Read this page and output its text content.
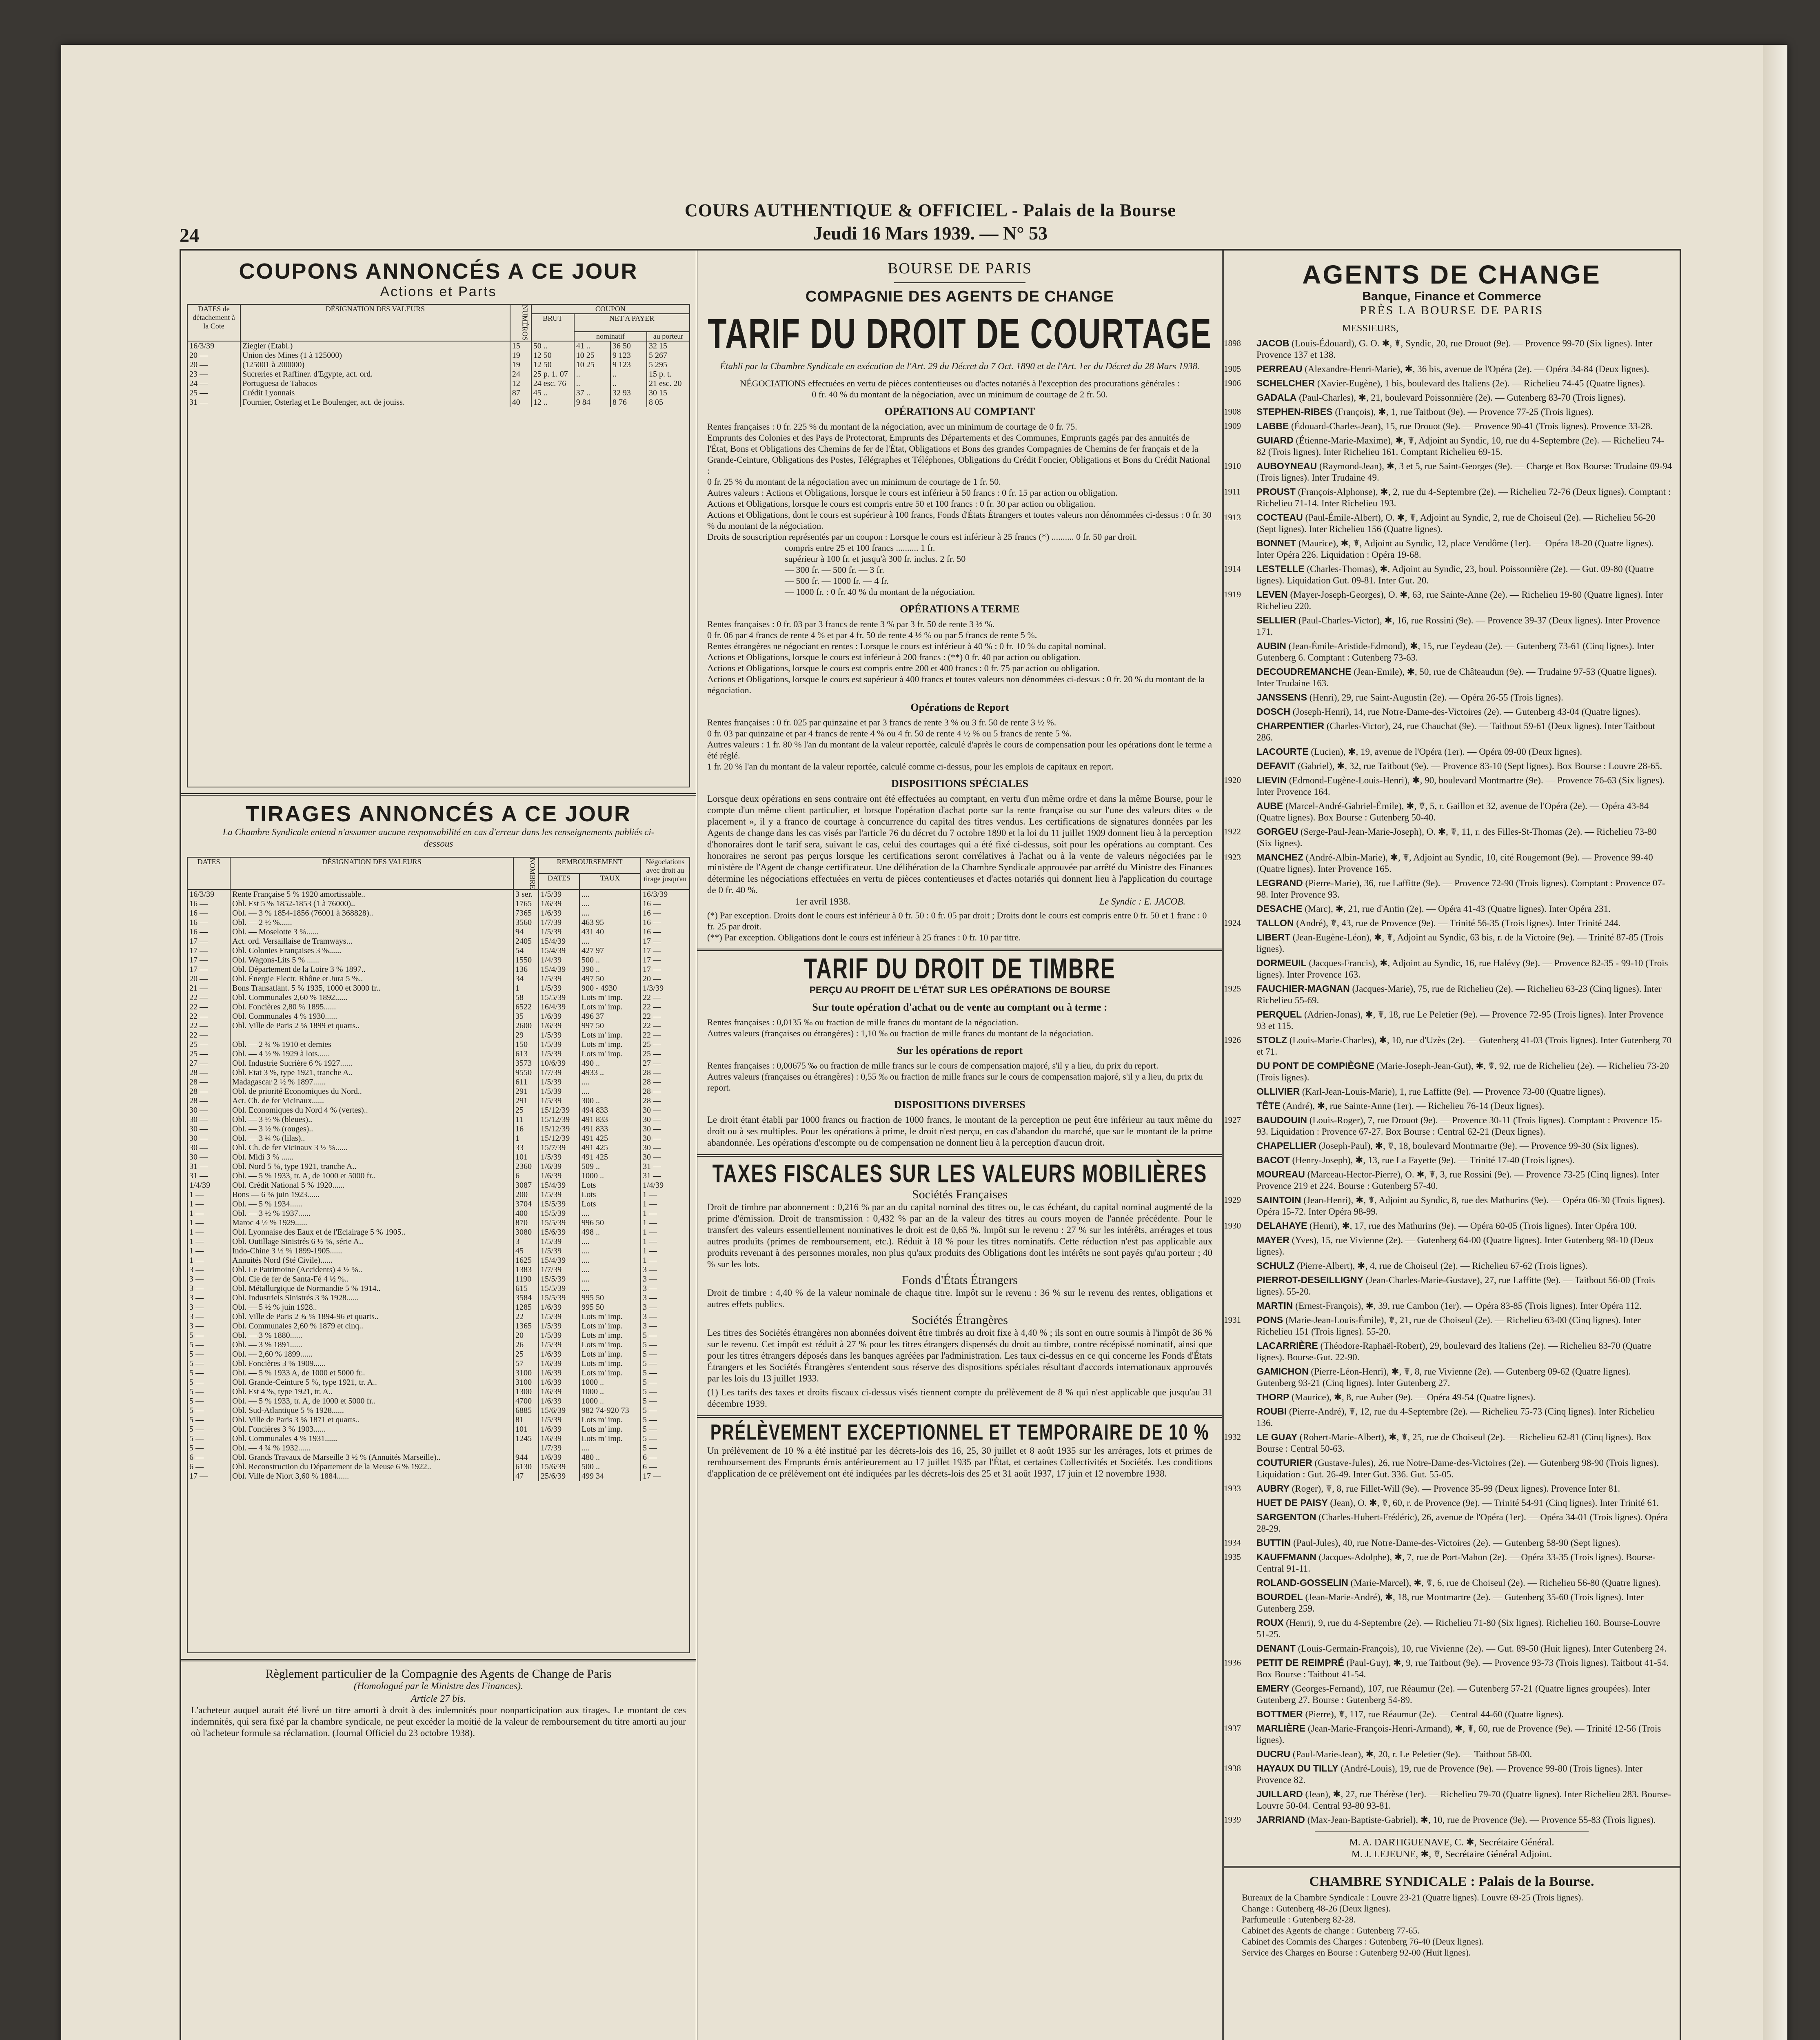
24
COURS AUTHENTIQUE & OFFICIEL - Palais de la Bourse
Jeudi 16 Mars 1939. — N° 53
COUPONS ANNONCÉS A CE JOUR
Actions et Parts
DATES de détachement à la Cote	DÉSIGNATION DES VALEURS	NUMÉROS	COUPON			
			BRUT	NET A PAYER		
				nominatif		au porteur
16/3/39	Ziegler (Etabl.)	15	50 ..	41 ..	36 50	32 15
20 —	Union des Mines (1 à 125000)	19	12 50	10 25	9 123	5 267
20 —	(125001 à 200000)	19	12 50	10 25	9 123	5 295
23 —	Sucreries et Raffiner. d'Egypte, act. ord.	24	25 p. 1. 07	..	..	15 p. t.
24 —	Portuguesa de Tabacos	12	24 esc. 76	..	..	21 esc. 20
25 —	Crédit Lyonnais	87	45 ..	37 ..	32 93	30 15
31 —	Fournier, Osterlag et Le Boulenger, act. de jouiss.	40	12 ..	9 84	8 76	8 05
TIRAGES ANNONCÉS A CE JOUR
La Chambre Syndicale entend n'assumer aucune responsabilité en cas d'erreur dans les renseignements publiés ci-dessous
DATES	DÉSIGNATION DES VALEURS	NOMBRE	REMBOURSEMENT		Négociations avec droit au tirage jusqu'au
			DATES	TAUX	
16/3/39	Rente Française 5 % 1920 amortissable..	3 ser.	1/5/39	....	16/3/39
16 —	Obl. Est 5 % 1852-1853 (1 à 76000)..	1765	1/6/39	....	16 —
16 —	Obl. — 3 % 1854-1856 (76001 à 368828)..	7365	1/6/39	....	16 —
16 —	Obl. — 2 ½ %......	3560	1/7/39	463 95	16 —
16 —	Obl. — Moselotte 3 %......	94	1/5/39	431 40	16 —
17 —	Act. ord. Versaillaise de Tramways...	2405	15/4/39	....	17 —
17 —	Obl. Colonies Françaises 3 %......	54	15/4/39	427 97	17 —
17 —	Obl. Wagons-Lits 5 % ......	1550	1/4/39	500 ..	17 —
17 —	Obl. Département de la Loire 3 % 1897..	136	15/4/39	390 ..	17 —
20 —	Obl. Énergie Electr. Rhône et Jura 5 %..	34	1/5/39	497 50	20 —
21 —	Bons Transatlant. 5 % 1935, 1000 et 3000 fr..	1	1/5/39	900 - 4930	1/3/39
22 —	Obl. Communales 2,60 % 1892......	58	15/5/39	Lots m' imp.	22 —
22 —	Obl. Foncières 2,80 % 1895......	6522	16/4/39	Lots m' imp.	22 —
22 —	Obl. Communales 4 % 1930......	35	1/6/39	496 37	22 —
22 —	Obl. Ville de Paris 2 % 1899 et quarts..	2600	1/6/39	997 50	22 —
22 —		29	1/5/39	Lots m' imp.	22 —
25 —	Obl. — 2 ¾ % 1910 et demies	150	1/5/39	Lots m' imp.	25 —
25 —	Obl. — 4 ½ % 1929 à lots......	613	1/5/39	Lots m' imp.	25 —
27 —	Obl. Industrie Sucrière 6 % 1927......	3573	10/6/39	490 ..	27 —
28 —	Obl. Etat 3 %, type 1921, tranche A..	9550	1/7/39	4933 ..	28 —
28 —	Madagascar 2 ½ % 1897......	611	1/5/39	....	28 —
28 —	Obl. de priorité Economiques du Nord..	291	1/5/39	....	28 —
28 —	Act. Ch. de fer Vicinaux......	291	1/5/39	300 ..	28 —
30 —	Obl. Economiques du Nord 4 % (vertes)..	25	15/12/39	494 833	30 —
30 —	Obl. — 3 ½ % (bleues)..	11	15/12/39	491 833	30 —
30 —	Obl. — 3 ½ % (rouges)..	16	15/12/39	491 833	30 —
30 —	Obl. — 3 ¼ % (lilas)..	1	15/12/39	491 425	30 —
30 —	Obl. Ch. de fer Vicinaux 3 ½ %......	33	15/7/39	491 425	30 —
30 —	Obl. Midi 3 % ......	101	1/5/39	491 425	30 —
31 —	Obl. Nord 5 %, type 1921, tranche A..	2360	1/6/39	509 ..	31 —
31 —	Obl. — 5 % 1933, tr. A, de 1000 et 5000 fr..	6	1/6/39	1000 ..	31 —
1/4/39	Obl. Crédit National 5 % 1920......	3087	15/4/39	Lots	1/4/39
1 —	Bons — 6 % juin 1923......	200	1/5/39	Lots	1 —
1 —	Obl. — 5 % 1934......	3704	15/5/39	Lots	1 —
1 —	Obl. — 3 ½ % 1937......	400	15/5/39	....	1 —
1 —	Maroc 4 ½ % 1929......	870	15/5/39	996 50	1 —
1 —	Obl. Lyonnaise des Eaux et de l'Eclairage 5 % 1905..	3080	15/6/39	498 ..	1 —
1 —	Obl. Outillage Sinistrés 6 ½ %, série A..	3	1/5/39	....	1 —
1 —	Indo-Chine 3 ½ % 1899-1905......	45	1/5/39	....	1 —
1 —	Annuités Nord (Sté Civile)......	1625	15/4/39	....	1 —
3 —	Obl. Le Patrimoine (Accidents) 4 ½ %..	1383	1/7/39	....	3 —
3 —	Obl. Cie de fer de Santa-Fé 4 ½ %..	1190	15/5/39	....	3 —
3 —	Obl. Métallurgique de Normandie 5 % 1914..	615	15/5/39	....	3 —
3 —	Obl. Industriels Sinistrés 3 % 1928......	3584	15/5/39	995 50	3 —
3 —	Obl. — 5 ½ % juin 1928..	1285	1/6/39	995 50	3 —
3 —	Obl. Ville de Paris 2 ¾ % 1894-96 et quarts..	22	1/5/39	Lots m' imp.	3 —
3 —	Obl. Communales 2,60 % 1879 et cinq..	1365	1/5/39	Lots m' imp.	3 —
5 —	Obl. — 3 % 1880......	20	1/5/39	Lots m' imp.	5 —
5 —	Obl. — 3 % 1891......	26	1/5/39	Lots m' imp.	5 —
5 —	Obl. — 2,60 % 1899......	25	1/6/39	Lots m' imp.	5 —
5 —	Obl. Foncières 3 % 1909......	57	1/6/39	Lots m' imp.	5 —
5 —	Obl. — 5 % 1933 A, de 1000 et 5000 fr..	3100	1/6/39	Lots m' imp.	5 —
5 —	Obl. Grande-Ceinture 5 %, type 1921, tr. A..	3100	1/6/39	1000 ..	5 —
5 —	Obl. Est 4 %, type 1921, tr. A..	1300	1/6/39	1000 ..	5 —
5 —	Obl. — 5 % 1933, tr. A, de 1000 et 5000 fr..	4700	1/6/39	1000 ..	5 —
5 —	Obl. Sud-Atlantique 5 % 1928......	6885	15/6/39	982 74-920 73	5 —
5 —	Obl. Ville de Paris 3 % 1871 et quarts..	81	1/5/39	Lots m' imp.	5 —
5 —	Obl. Foncières 3 % 1903......	101	1/6/39	Lots m' imp.	5 —
5 —	Obl. Communales 4 % 1931......	1245	1/6/39	Lots m' imp.	5 —
5 —	Obl. — 4 ¾ % 1932......		1/7/39	....	5 —
6 —	Obl. Grands Travaux de Marseille 3 ½ % (Annuités Marseille)..	944	1/6/39	480 ..	6 —
6 —	Obl. Reconstruction du Département de la Meuse 6 % 1922..	6130	15/6/39	500 ..	6 —
17 —	Obl. Ville de Niort 3,60 % 1884......	47	25/6/39	499 34	17 —
Règlement particulier de la Compagnie des Agents de Change de Paris
(Homologué par le Ministre des Finances).
Article 27 bis.
L'acheteur auquel aurait été livré un titre amorti à droit à des indemnités pour nonparticipation aux tirages. Le montant de ces indemnités, qui sera fixé par la chambre syndicale, ne peut excéder la moitié de la valeur de remboursement du titre amorti au jour où l'acheteur formule sa réclamation. (Journal Officiel du 23 octobre 1938).
BOURSE DE PARIS
COMPAGNIE DES AGENTS DE CHANGE
TARIF DU DROIT DE COURTAGE
Établi par la Chambre Syndicale en exécution de l'Art. 29 du Décret du 7 Oct. 1890 et de l'Art. 1er du Décret du 28 Mars 1938.
NÉGOCIATIONS effectuées en vertu de pièces contentieuses ou d'actes notariés à l'exception des procurations générales :
0 fr. 40 % du montant de la négociation, avec un minimum de courtage de 2 fr. 50.
OPÉRATIONS AU COMPTANT
Rentes françaises : 0 fr. 225 % du montant de la négociation, avec un minimum de courtage de 0 fr. 75.
Emprunts des Colonies et des Pays de Protectorat, Emprunts des Départements et des Communes, Emprunts gagés par des annuités de l'État, Bons et Obligations des Chemins de fer de l'État, Obligations et Bons des grandes Compagnies de Chemins de fer français et de la Grande-Ceinture, Obligations des Postes, Télégraphes et Téléphones, Obligations du Crédit Foncier, Obligations et Bons du Crédit National :
0 fr. 25 % du montant de la négociation avec un minimum de courtage de 1 fr. 50.
Autres valeurs : Actions et Obligations, lorsque le cours est inférieur à 50 francs : 0 fr. 15 par action ou obligation.
Actions et Obligations, lorsque le cours est compris entre 50 et 100 francs : 0 fr. 30 par action ou obligation.
Actions et Obligations, dont le cours est supérieur à 100 francs, Fonds d'États Étrangers et toutes valeurs non dénommées ci-dessus : 0 fr. 30 % du montant de la négociation.
Droits de souscription représentés par un coupon : Lorsque le cours est inférieur à 25 francs (*) .......... 0 fr. 50 par droit.
compris entre 25 et 100 francs .......... 1 fr.
supérieur à 100 fr. et jusqu'à 300 fr. inclus. 2 fr. 50
— 300 fr. — 500 fr. — 3 fr.
— 500 fr. — 1000 fr. — 4 fr.
— 1000 fr. : 0 fr. 40 % du montant de la négociation.
OPÉRATIONS A TERME
Rentes françaises : 0 fr. 03 par 3 francs de rente 3 % par 3 fr. 50 de rente 3 ½ %.
0 fr. 06 par 4 francs de rente 4 % et par 4 fr. 50 de rente 4 ½ % ou par 5 francs de rente 5 %.
Rentes étrangères ne négociant en rentes : Lorsque le cours est inférieur à 40 % : 0 fr. 10 % du capital nominal.
Actions et Obligations, lorsque le cours est inférieur à 200 francs : (**) 0 fr. 40 par action ou obligation.
Actions et Obligations, lorsque le cours est compris entre 200 et 400 francs : 0 fr. 75 par action ou obligation.
Actions et Obligations, lorsque le cours est supérieur à 400 francs et toutes valeurs non dénommées ci-dessus : 0 fr. 20 % du montant de la négociation.
Opérations de Report
Rentes françaises : 0 fr. 025 par quinzaine et par 3 francs de rente 3 % ou 3 fr. 50 de rente 3 ½ %.
0 fr. 03 par quinzaine et par 4 francs de rente 4 % ou 4 fr. 50 de rente 4 ½ % ou 5 francs de rente 5 %.
Autres valeurs : 1 fr. 80 % l'an du montant de la valeur reportée, calculé d'après le cours de compensation pour les opérations dont le terme a été réglé.
1 fr. 20 % l'an du montant de la valeur reportée, calculé comme ci-dessus, pour les emplois de capitaux en report.
DISPOSITIONS SPÉCIALES
Lorsque deux opérations en sens contraire ont été effectuées au comptant, en vertu d'un même ordre et dans la même Bourse, pour le compte d'un même client particulier, et lorsque l'opération d'achat porte sur la rente française ou sur l'une des valeurs dites « de placement », il y a franco de courtage à concurrence du capital des titres vendus. Les certifications de signatures données par les Agents de change dans les cas visés par l'article 76 du décret du 7 octobre 1890 et la loi du 11 juillet 1909 donnent lieu à la perception d'honoraires dont le tarif sera, suivant le cas, celui des courtages qui a été fixé ci-dessus, soit pour les opérations au comptant. Ces honoraires ne seront pas perçus lorsque les certifications seront corrélatives à l'achat ou à la vente de valeurs négociées par le ministère de l'Agent de change certificateur. Une délibération de la Chambre Syndicale approuvée par arrêté du Ministre des Finances détermine les négociations effectuées en vertu de pièces contentieuses et d'actes notariés qui donnent lieu à l'application du courtage de 0 fr. 40 %.
1er avril 1938.	Le Syndic : E. JACOB.
(*) Par exception. Droits dont le cours est inférieur à 0 fr. 50 : 0 fr. 05 par droit ; Droits dont le cours est compris entre 0 fr. 50 et 1 franc : 0 fr. 25 par droit.
(**) Par exception. Obligations dont le cours est inférieur à 25 francs : 0 fr. 10 par titre.
TARIF DU DROIT DE TIMBRE
PERÇU AU PROFIT DE L'ÉTAT SUR LES OPÉRATIONS DE BOURSE
Sur toute opération d'achat ou de vente au comptant ou à terme :
Rentes françaises : 0,0135 ‰ ou fraction de mille francs du montant de la négociation.
Autres valeurs (françaises ou étrangères) : 1,10 ‰ ou fraction de mille francs du montant de la négociation.
Sur les opérations de report
Rentes françaises : 0,00675 ‰ ou fraction de mille francs sur le cours de compensation majoré, s'il y a lieu, du prix du report.
Autres valeurs (françaises ou étrangères) : 0,55 ‰ ou fraction de mille francs sur le cours de compensation majoré, s'il y a lieu, du prix du report.
DISPOSITIONS DIVERSES
Le droit étant établi par 1000 francs ou fraction de 1000 francs, le montant de la perception ne peut être inférieur au taux même du droit ou à ses multiples. Pour les opérations à prime, le droit n'est perçu, en cas d'abandon du marché, que sur le montant de la prime abandonnée. Les opérations d'escompte ou de compensation ne donnent lieu à la perception d'aucun droit.
TAXES FISCALES SUR LES VALEURS MOBILIÈRES
Sociétés Françaises
Droit de timbre par abonnement : 0,216 % par an du capital nominal des titres ou, le cas échéant, du capital nominal augmenté de la prime d'émission. Droit de transmission : 0,432 % par an de la valeur des titres au cours moyen de l'année précédente. Pour le transfert des valeurs essentiellement nominatives le droit est de 0,65 %. Impôt sur le revenu : 27 % sur les intérêts, arrérages et tous autres produits (primes de remboursement, etc.). Réduit à 18 % pour les titres nominatifs. Cette réduction n'est pas applicable aux produits revenant à des personnes morales, non plus qu'aux produits des Obligations dont les intérêts ne sont payés qu'au porteur ; 40 % sur les lots.
Fonds d'États Étrangers
Droit de timbre : 4,40 % de la valeur nominale de chaque titre. Impôt sur le revenu : 36 % sur le revenu des rentes, obligations et autres effets publics.
Sociétés Étrangères
Les titres des Sociétés étrangères non abonnées doivent être timbrés au droit fixe à 4,40 % ; ils sont en outre soumis à l'impôt de 36 % sur le revenu. Cet impôt est réduit à 27 % pour les titres étrangers dispensés du droit au timbre, contre récépissé nominatif, ainsi que pour les titres étrangers déposés dans les banques agréées par l'administration. Les taux ci-dessus en ce qui concerne les Fonds d'États Étrangers et les Sociétés Étrangères s'entendent sous réserve des dispositions spéciales résultant d'accords internationaux approuvés par les lois du 13 juillet 1933.
(1) Les tarifs des taxes et droits fiscaux ci-dessus visés tiennent compte du prélèvement de 8 % qui n'est applicable que jusqu'au 31 décembre 1939.
PRÉLÈVEMENT EXCEPTIONNEL ET TEMPORAIRE DE 10 %
Un prélèvement de 10 % a été institué par les décrets-lois des 16, 25, 30 juillet et 8 août 1935 sur les arrérages, lots et primes de remboursement des Emprunts émis antérieurement au 17 juillet 1935 par l'État, et certaines Collectivités et Sociétés. Les conditions d'application de ce prélèvement ont été indiquées par les décrets-lois des 25 et 31 août 1937, 17 juin et 12 novembre 1938.
AGENTS DE CHANGE
Banque, Finance et Commerce
PRÈS LA BOURSE DE PARIS
MESSIEURS,
1898	JACOB (Louis-Édouard), G. O. ✱, ☤, Syndic, 20, rue Drouot (9e). — Provence 99-70 (Six lignes). Inter Provence 137 et 138.
1905	PERREAU (Alexandre-Henri-Marie), ✱, 36 bis, avenue de l'Opéra (2e). — Opéra 34-84 (Deux lignes).
1906	SCHELCHER (Xavier-Eugène), 1 bis, boulevard des Italiens (2e). — Richelieu 74-45 (Quatre lignes).
GADALA (Paul-Charles), ✱, 21, boulevard Poissonnière (2e). — Gutenberg 83-70 (Trois lignes).
1908	STEPHEN-RIBES (François), ✱, 1, rue Taitbout (9e). — Provence 77-25 (Trois lignes).
1909	LABBE (Édouard-Charles-Jean), 15, rue Drouot (9e). — Provence 90-41 (Trois lignes). Provence 33-28.
GUIARD (Étienne-Marie-Maxime), ✱, ☤, Adjoint au Syndic, 10, rue du 4-Septembre (2e). — Richelieu 74-82 (Trois lignes). Inter Richelieu 161. Comptant Richelieu 69-15.
1910	AUBOYNEAU (Raymond-Jean), ✱, 3 et 5, rue Saint-Georges (9e). — Charge et Box Bourse: Trudaine 09-94 (Trois lignes). Inter Trudaine 49.
1911	PROUST (François-Alphonse), ✱, 2, rue du 4-Septembre (2e). — Richelieu 72-76 (Deux lignes). Comptant : Richelieu 71-14. Inter Richelieu 193.
1913	COCTEAU (Paul-Émile-Albert), O. ✱, ☤, Adjoint au Syndic, 2, rue de Choiseul (2e). — Richelieu 56-20 (Sept lignes). Inter Richelieu 156 (Quatre lignes).
BONNET (Maurice), ✱, ☤, Adjoint au Syndic, 12, place Vendôme (1er). — Opéra 18-20 (Quatre lignes). Inter Opéra 226. Liquidation : Opéra 19-68.
1914	LESTELLE (Charles-Thomas), ✱, Adjoint au Syndic, 23, boul. Poissonnière (2e). — Gut. 09-80 (Quatre lignes). Liquidation Gut. 09-81. Inter Gut. 20.
1919	LEVEN (Mayer-Joseph-Georges), O. ✱, 63, rue Sainte-Anne (2e). — Richelieu 19-80 (Quatre lignes). Inter Richelieu 220.
SELLIER (Paul-Charles-Victor), ✱, 16, rue Rossini (9e). — Provence 39-37 (Deux lignes). Inter Provence 171.
AUBIN (Jean-Émile-Aristide-Edmond), ✱, 15, rue Feydeau (2e). — Gutenberg 73-61 (Cinq lignes). Inter Gutenberg 6. Comptant : Gutenberg 73-63.
DECOUDREMANCHE (Jean-Emile), ✱, 50, rue de Châteaudun (9e). — Trudaine 97-53 (Quatre lignes). Inter Trudaine 163.
JANSSENS (Henri), 29, rue Saint-Augustin (2e). — Opéra 26-55 (Trois lignes).
DOSCH (Joseph-Henri), 14, rue Notre-Dame-des-Victoires (2e). — Gutenberg 43-04 (Quatre lignes).
CHARPENTIER (Charles-Victor), 24, rue Chauchat (9e). — Taitbout 59-61 (Deux lignes). Inter Taitbout 286.
LACOURTE (Lucien), ✱, 19, avenue de l'Opéra (1er). — Opéra 09-00 (Deux lignes).
DEFAVIT (Gabriel), ✱, 32, rue Taitbout (9e). — Provence 83-10 (Sept lignes). Box Bourse : Louvre 28-65.
1920	LIEVIN (Edmond-Eugène-Louis-Henri), ✱, 90, boulevard Montmartre (9e). — Provence 76-63 (Six lignes). Inter Provence 164.
AUBE (Marcel-André-Gabriel-Émile), ✱, ☤, 5, r. Gaillon et 32, avenue de l'Opéra (2e). — Opéra 43-84 (Quatre lignes). Box Bourse : Gutenberg 50-40.
1922	GORGEU (Serge-Paul-Jean-Marie-Joseph), O. ✱, ☤, 11, r. des Filles-St-Thomas (2e). — Richelieu 73-80 (Six lignes).
1923	MANCHEZ (André-Albin-Marie), ✱, ☤, Adjoint au Syndic, 10, cité Rougemont (9e). — Provence 99-40 (Quatre lignes). Inter Provence 165.
LEGRAND (Pierre-Marie), 36, rue Laffitte (9e). — Provence 72-90 (Trois lignes). Comptant : Provence 07-98. Inter Provence 93.
DESACHE (Marc), ✱, 21, rue d'Antin (2e). — Opéra 41-43 (Quatre lignes). Inter Opéra 231.
1924	TALLON (André), ☤, 43, rue de Provence (9e). — Trinité 56-35 (Trois lignes). Inter Trinité 244.
LIBERT (Jean-Eugène-Léon), ✱, ☤, Adjoint au Syndic, 63 bis, r. de la Victoire (9e). — Trinité 87-85 (Trois lignes).
DORMEUIL (Jacques-Francis), ✱, Adjoint au Syndic, 16, rue Halévy (9e). — Provence 82-35 - 99-10 (Trois lignes). Inter Provence 163.
1925	FAUCHIER-MAGNAN (Jacques-Marie), 75, rue de Richelieu (2e). — Richelieu 63-23 (Cinq lignes). Inter Richelieu 55-69.
PERQUEL (Adrien-Jonas), ✱, ☤, 18, rue Le Peletier (9e). — Provence 72-95 (Trois lignes). Inter Provence 93 et 115.
1926	STOLZ (Louis-Marie-Charles), ✱, 10, rue d'Uzès (2e). — Gutenberg 41-03 (Trois lignes). Inter Gutenberg 70 et 71.
DU PONT DE COMPIÈGNE (Marie-Joseph-Jean-Gut), ✱, ☤, 92, rue de Richelieu (2e). — Richelieu 73-20 (Trois lignes).
OLLIVIER (Karl-Jean-Louis-Marie), 1, rue Laffitte (9e). — Provence 73-00 (Quatre lignes).
TÊTE (André), ✱, rue Sainte-Anne (1er). — Richelieu 76-14 (Deux lignes).
1927	BAUDOUIN (Louis-Roger), 7, rue Drouot (9e). — Provence 30-11 (Trois lignes). Comptant : Provence 15-93. Liquidation : Provence 67-27. Box Bourse : Central 62-21 (Deux lignes).
CHAPELLIER (Joseph-Paul), ✱, ☤, 18, boulevard Montmartre (9e). — Provence 99-30 (Six lignes).
BACOT (Henry-Joseph), ✱, 13, rue La Fayette (9e). — Trinité 17-40 (Trois lignes).
MOUREAU (Marceau-Hector-Pierre), O. ✱, ☤, 3, rue Rossini (9e). — Provence 73-25 (Cinq lignes). Inter Provence 219 et 224. Bourse : Gutenberg 57-40.
1929	SAINTOIN (Jean-Henri), ✱, ☤, Adjoint au Syndic, 8, rue des Mathurins (9e). — Opéra 06-30 (Trois lignes). Opéra 15-72. Inter Opéra 98-99.
1930	DELAHAYE (Henri), ✱, 17, rue des Mathurins (9e). — Opéra 60-05 (Trois lignes). Inter Opéra 100.
MAYER (Yves), 15, rue Vivienne (2e). — Gutenberg 64-00 (Quatre lignes). Inter Gutenberg 98-10 (Deux lignes).
SCHULZ (Pierre-Albert), ✱, 4, rue de Choiseul (2e). — Richelieu 67-62 (Trois lignes).
PIERROT-DESEILLIGNY (Jean-Charles-Marie-Gustave), 27, rue Laffitte (9e). — Taitbout 56-00 (Trois lignes). 55-20.
MARTIN (Ernest-François), ✱, 39, rue Cambon (1er). — Opéra 83-85 (Trois lignes). Inter Opéra 112.
1931	PONS (Marie-Jean-Louis-Émile), ☤, 21, rue de Choiseul (2e). — Richelieu 63-00 (Cinq lignes). Inter Richelieu 151 (Trois lignes). 55-20.
LACARRIÈRE (Théodore-Raphaël-Robert), 29, boulevard des Italiens (2e). — Richelieu 83-70 (Quatre lignes). Bourse-Gut. 22-90.
GAMICHON (Pierre-Léon-Henri), ✱, ☤, 8, rue Vivienne (2e). — Gutenberg 09-62 (Quatre lignes). Gutenberg 93-21 (Cinq lignes). Inter Gutenberg 27.
THORP (Maurice), ✱, 8, rue Auber (9e). — Opéra 49-54 (Quatre lignes).
ROUBI (Pierre-André), ☤, 12, rue du 4-Septembre (2e). — Richelieu 75-73 (Cinq lignes). Inter Richelieu 136.
1932	LE GUAY (Robert-Marie-Albert), ✱, ☤, 25, rue de Choiseul (2e). — Richelieu 62-81 (Cinq lignes). Box Bourse : Central 50-63.
COUTURIER (Gustave-Jules), 26, rue Notre-Dame-des-Victoires (2e). — Gutenberg 98-90 (Trois lignes). Liquidation : Gut. 26-49. Inter Gut. 336. Gut. 55-05.
1933	AUBRY (Roger), ☤, 8, rue Fillet-Will (9e). — Provence 35-99 (Deux lignes). Provence Inter 81.
HUET DE PAISY (Jean), O. ✱, ☤, 60, r. de Provence (9e). — Trinité 54-91 (Cinq lignes). Inter Trinité 61.
SARGENTON (Charles-Hubert-Frédéric), 26, avenue de l'Opéra (1er). — Opéra 34-01 (Trois lignes). Opéra 28-29.
1934	BUTTIN (Paul-Jules), 40, rue Notre-Dame-des-Victoires (2e). — Gutenberg 58-90 (Sept lignes).
1935	KAUFFMANN (Jacques-Adolphe), ✱, 7, rue de Port-Mahon (2e). — Opéra 33-35 (Trois lignes). Bourse-Central 91-11.
ROLAND-GOSSELIN (Marie-Marcel), ✱, ☤, 6, rue de Choiseul (2e). — Richelieu 56-80 (Quatre lignes).
BOURDEL (Jean-Marie-André), ✱, 18, rue Montmartre (2e). — Gutenberg 35-60 (Trois lignes). Inter Gutenberg 259.
ROUX (Henri), 9, rue du 4-Septembre (2e). — Richelieu 71-80 (Six lignes). Richelieu 160. Bourse-Louvre 51-25.
DENANT (Louis-Germain-François), 10, rue Vivienne (2e). — Gut. 89-50 (Huit lignes). Inter Gutenberg 24.
1936	PETIT DE REIMPRÉ (Paul-Guy), ✱, 9, rue Taitbout (9e). — Provence 93-73 (Trois lignes). Taitbout 41-54. Box Bourse : Taitbout 41-54.
EMERY (Georges-Fernand), 107, rue Réaumur (2e). — Gutenberg 57-21 (Quatre lignes groupées). Inter Gutenberg 27. Bourse : Gutenberg 54-89.
BOTTMER (Pierre), ☤, 117, rue Réaumur (2e). — Central 44-60 (Quatre lignes).
1937	MARLIÈRE (Jean-Marie-François-Henri-Armand), ✱, ☤, 60, rue de Provence (9e). — Trinité 12-56 (Trois lignes).
DUCRU (Paul-Marie-Jean), ✱, 20, r. Le Peletier (9e). — Taitbout 58-00.
1938	HAYAUX DU TILLY (André-Louis), 19, rue de Provence (9e). — Provence 99-80 (Trois lignes). Inter Provence 82.
JUILLARD (Jean), ✱, 27, rue Thérèse (1er). — Richelieu 79-70 (Quatre lignes). Inter Richelieu 283. Bourse-Louvre 50-04. Central 93-80 93-81.
1939	JARRIAND (Max-Jean-Baptiste-Gabriel), ✱, 10, rue de Provence (9e). — Provence 55-83 (Trois lignes).
M. A. DARTIGUENAVE, C. ✱, Secrétaire Général.
M. J. LEJEUNE, ✱, ☤, Secrétaire Général Adjoint.
CHAMBRE SYNDICALE : Palais de la Bourse.
Bureaux de la Chambre Syndicale : Louvre 23-21 (Quatre lignes). Louvre 69-25 (Trois lignes).
Change : Gutenberg 48-26 (Deux lignes).
Parfumeuile : Gutenberg 82-28.
Cabinet des Agents de change : Gutenberg 77-65.
Cabinet des Commis des Charges : Gutenberg 76-40 (Deux lignes).
Service des Charges en Bourse : Gutenberg 92-00 (Huit lignes).
